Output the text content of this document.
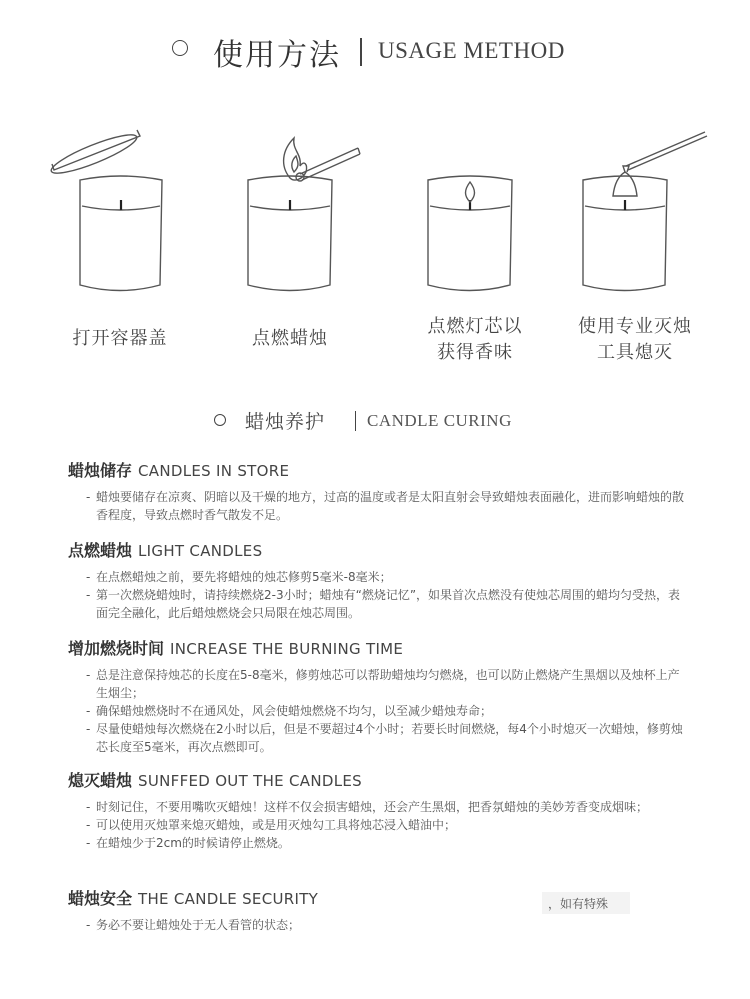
使用方法 USAGE METHOD
打开容器盖	点燃蜡烛
点燃灯芯以
获得香味
使用专业灭烛
工具熄灭
蜡烛养护 CANDLE CURING
蜡烛储存 CANDLES IN STORE
- 蜡烛要储存在凉爽、阴暗以及干燥的地方，过高的温度或者是太阳直射会导致蜡烛表面融化，进而影响蜡烛的散香程度，导致点燃时香气散发不足。
点燃蜡烛 LIGHT CANDLES
- 在点燃蜡烛之前，要先将蜡烛的烛芯修剪5毫米-8毫米；
- 第一次燃烧蜡烛时，请持续燃烧2-3小时；蜡烛有“燃烧记忆”，如果首次点燃没有使烛芯周围的蜡均匀受热，表面完全融化，此后蜡烛燃烧会只局限在烛芯周围。
增加燃烧时间 INCREASE THE BURNING TIME
- 总是注意保持烛芯的长度在5-8毫米，修剪烛芯可以帮助蜡烛均匀燃烧，也可以防止燃烧产生黑烟以及烛杯上产生烟尘；
- 确保蜡烛燃烧时不在通风处，风会使蜡烛燃烧不均匀，以至减少蜡烛寿命；
- 尽量使蜡烛每次燃烧在2小时以后，但是不要超过4个小时；若要长时间燃烧，每4个小时熄灭一次蜡烛，修剪烛芯长度至5毫米，再次点燃即可。
熄灭蜡烛 SUNFFED OUT THE CANDLES
- 时刻记住，不要用嘴吹灭蜡烛！这样不仅会损害蜡烛，还会产生黑烟，把香氛蜡烛的美妙芳香变成烟味；
- 可以使用灭烛罩来熄灭蜡烛，或是用灭烛勾工具将烛芯浸入蜡油中；
- 在蜡烛少于2cm的时候请停止燃烧。
蜡烛安全 THE CANDLE SECURITY
- 务必不要让蜡烛处于无人看管的状态；
，如有特殊
